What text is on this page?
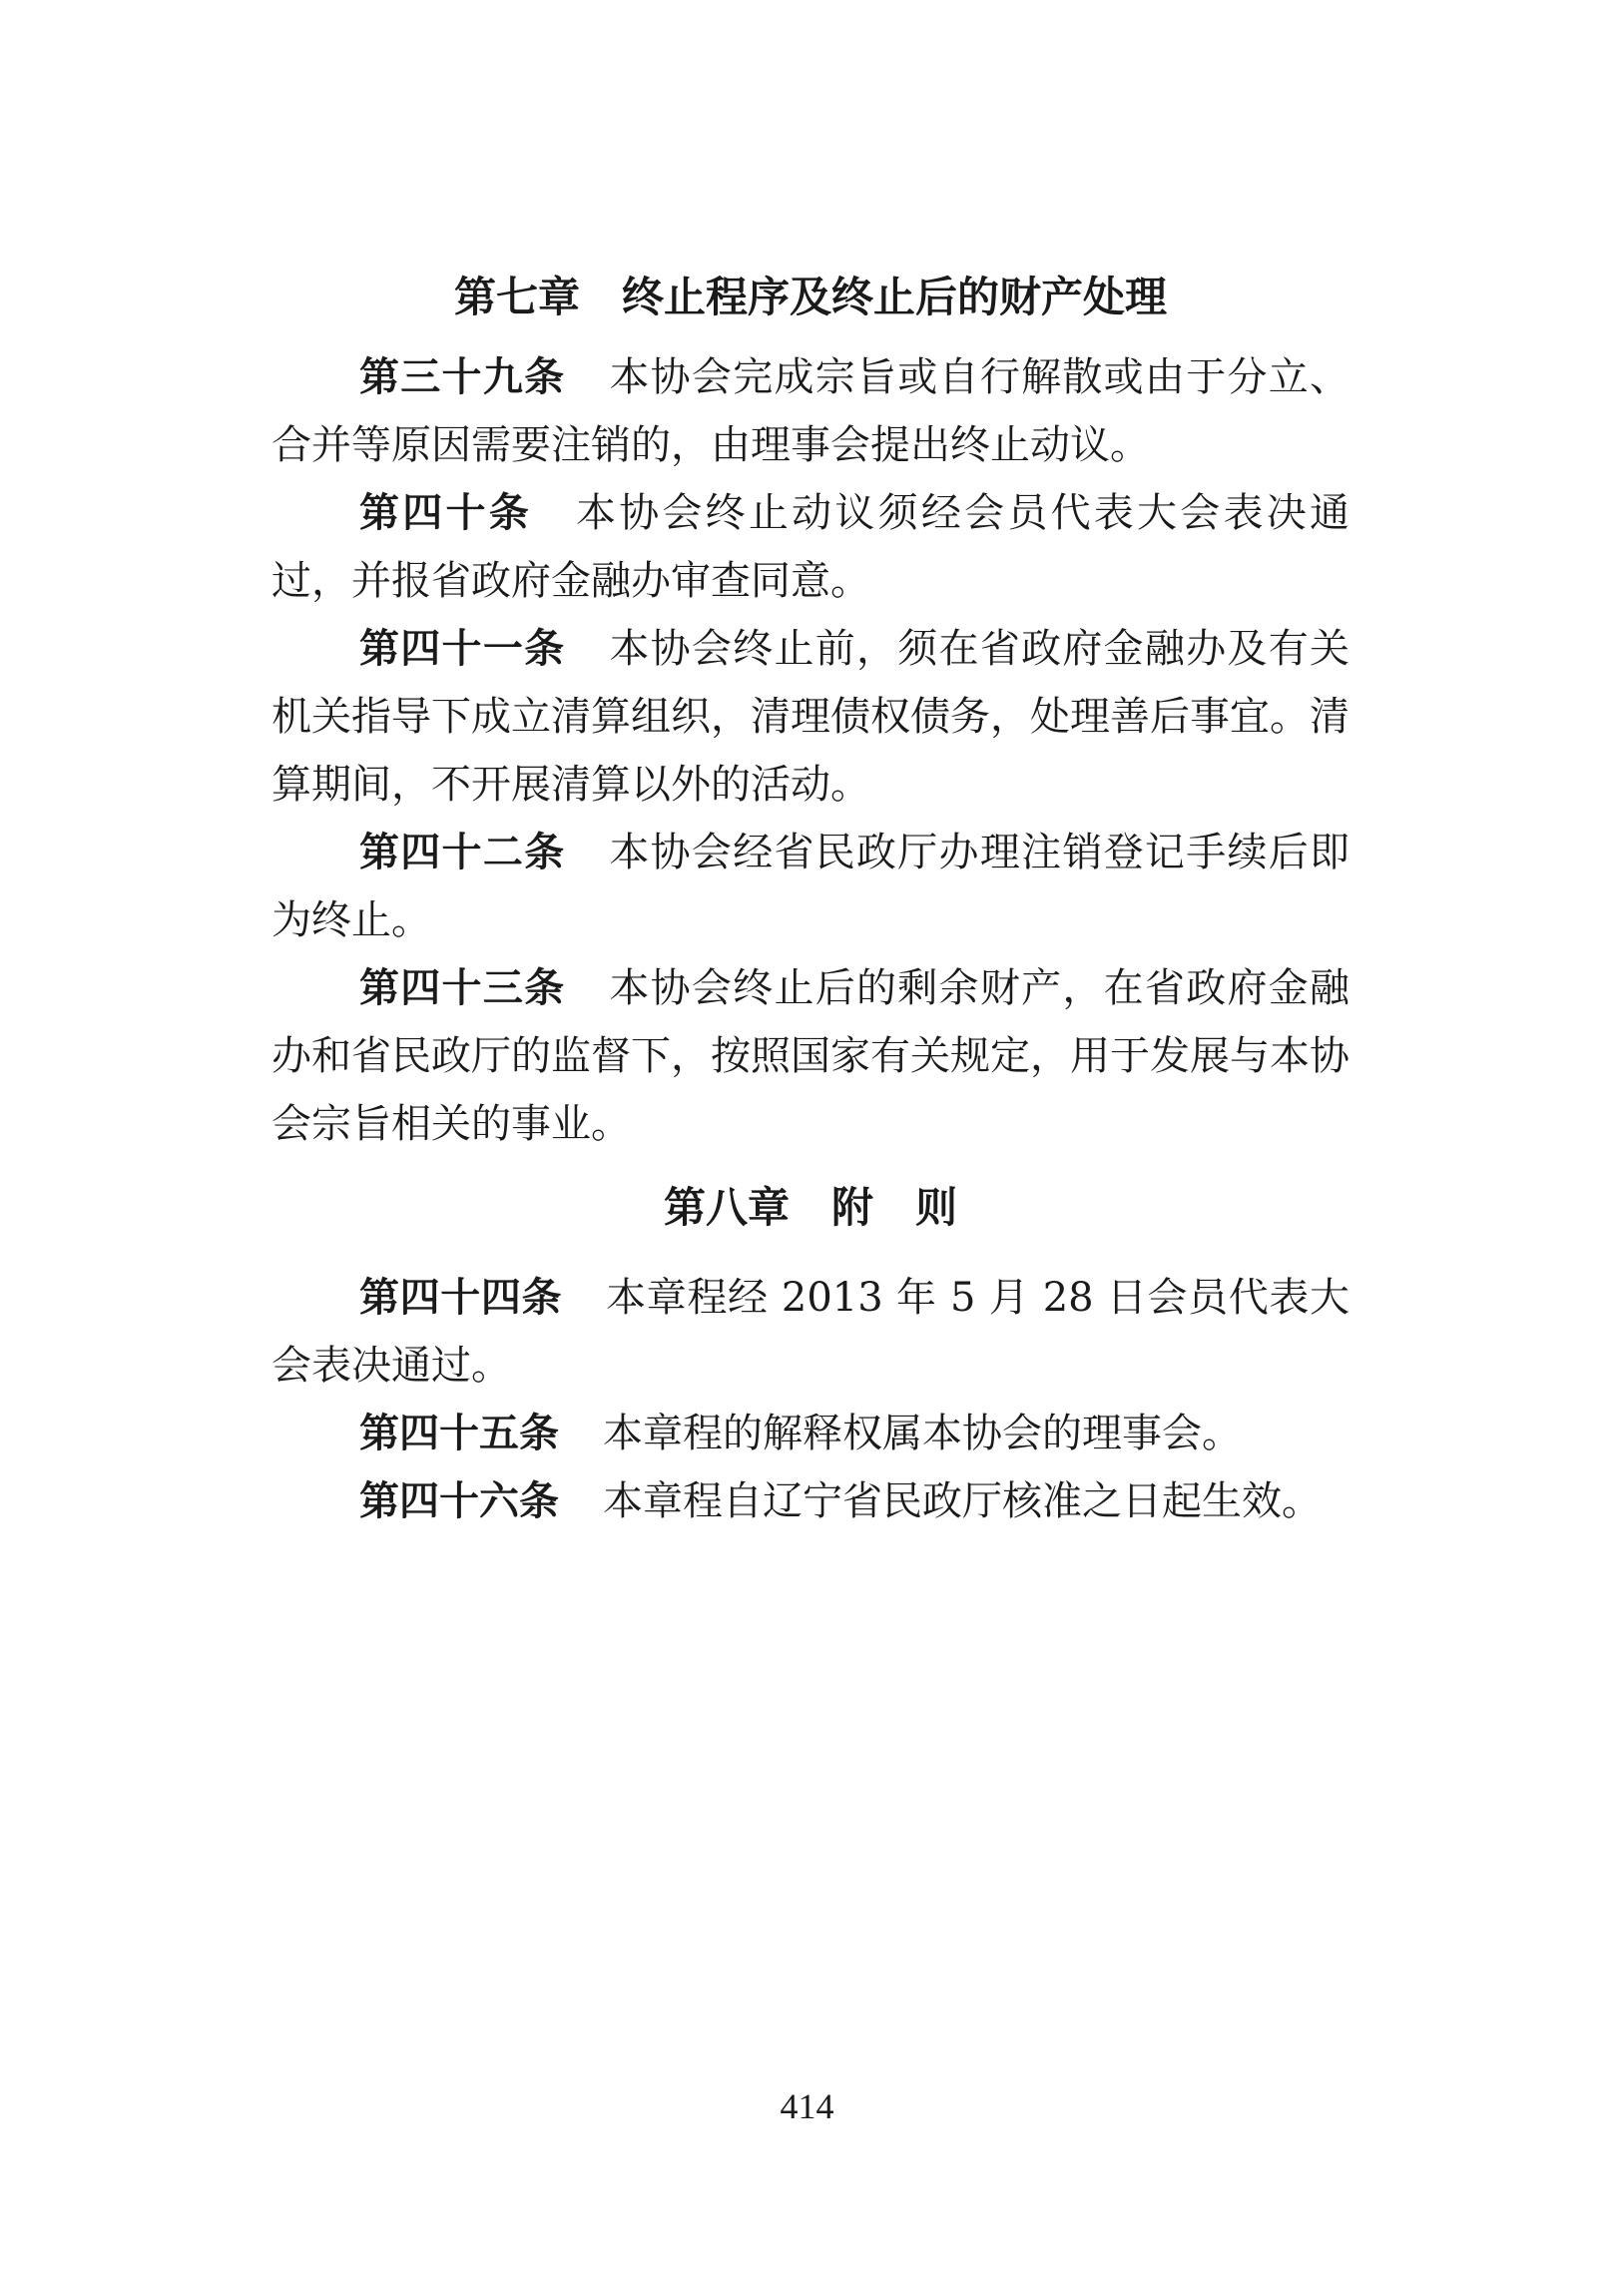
第七章　终止程序及终止后的财产处理

第三十九条 本协会完成宗旨或自行解散或由于分立、合并等原因需要注销的，由理事会提出终止动议。

第四十条 本协会终止动议须经会员代表大会表决通过，并报省政府金融办审查同意。

第四十一条 本协会终止前，须在省政府金融办及有关机关指导下成立清算组织，清理债权债务，处理善后事宜。清算期间，不开展清算以外的活动。

第四十二条 本协会经省民政厅办理注销登记手续后即为终止。

第四十三条 本协会终止后的剩余财产，在省政府金融办和省民政厅的监督下，按照国家有关规定，用于发展与本协会宗旨相关的事业。

第八章　附　则

第四十四条 本章程经 2013 年 5 月 28 日会员代表大会表决通过。

第四十五条 本章程的解释权属本协会的理事会。

第四十六条 本章程自辽宁省民政厅核准之日起生效。

414
